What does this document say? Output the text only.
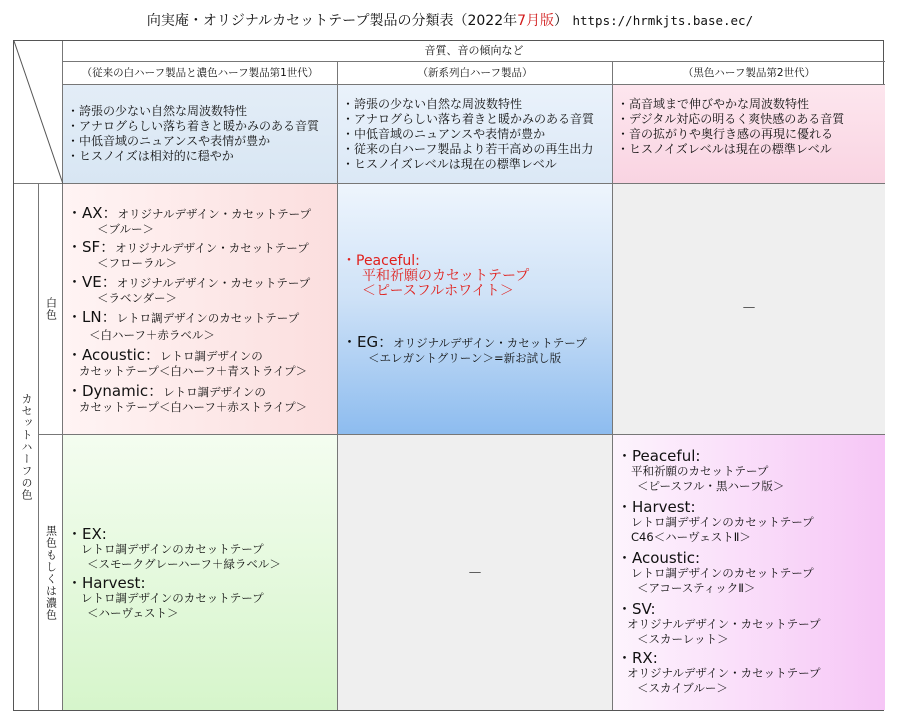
向実庵・オリジナルカセットテープ製品の分類表（2022年7月版） https://hrmkjts.base.ec/
音質、音の傾向など
（従来の白ハーフ製品と濃色ハーフ製品第1世代）	（新系列白ハーフ製品）	（黒色ハーフ製品第2世代）
・誇張の少ない自然な周波数特性
・アナログらしい落ち着きと暖かみのある音質
・中低音域のニュアンスや表情が豊か
・ヒスノイズは相対的に穏やか
・誇張の少ない自然な周波数特性
・アナログらしい落ち着きと暖かみのある音質
・中低音域のニュアンスや表情が豊か
・従来の白ハーフ製品より若干高めの再生出力
・ヒスノイズレベルは現在の標準レベル
・高音域まで伸びやかな周波数特性
・デジタル対応の明るく爽快感のある音質
・音の拡がりや奥行き感の再現に優れる
・ヒスノイズレベルは現在の標準レベル
カセットハーフの色
白色
黒色もしくは濃色
・AX：オリジナルデザイン・カセットテープ
＜ブルー＞
・SF：オリジナルデザイン・カセットテープ
＜フローラル＞
・VE：オリジナルデザイン・カセットテープ
＜ラベンダー＞
・LN：レトロ調デザインのカセットテープ
＜白ハーフ＋赤ラベル＞
・Acoustic：レトロ調デザインの
カセットテープ＜白ハーフ＋青ストライプ＞
・Dynamic：レトロ調デザインの
カセットテープ＜白ハーフ＋赤ストライプ＞
・Peaceful:
平和祈願のカセットテープ
＜ピースフルホワイト＞
・EG：オリジナルデザイン・カセットテープ
＜エレガントグリーン＞=新お試し版
－
・EX:
レトロ調デザインのカセットテープ
＜スモークグレーハーフ＋緑ラベル＞
・Harvest:
レトロ調デザインのカセットテープ
＜ハーヴェスト＞
－
・Peaceful:
平和祈願のカセットテープ
＜ピースフル・黒ハーフ版＞
・Harvest:
レトロ調デザインのカセットテープ
C46＜ハーヴェストⅡ＞
・Acoustic:
レトロ調デザインのカセットテープ
＜アコースティックⅡ＞
・SV:
オリジナルデザイン・カセットテープ
＜スカーレット＞
・RX:
オリジナルデザイン・カセットテープ
＜スカイブルー＞
